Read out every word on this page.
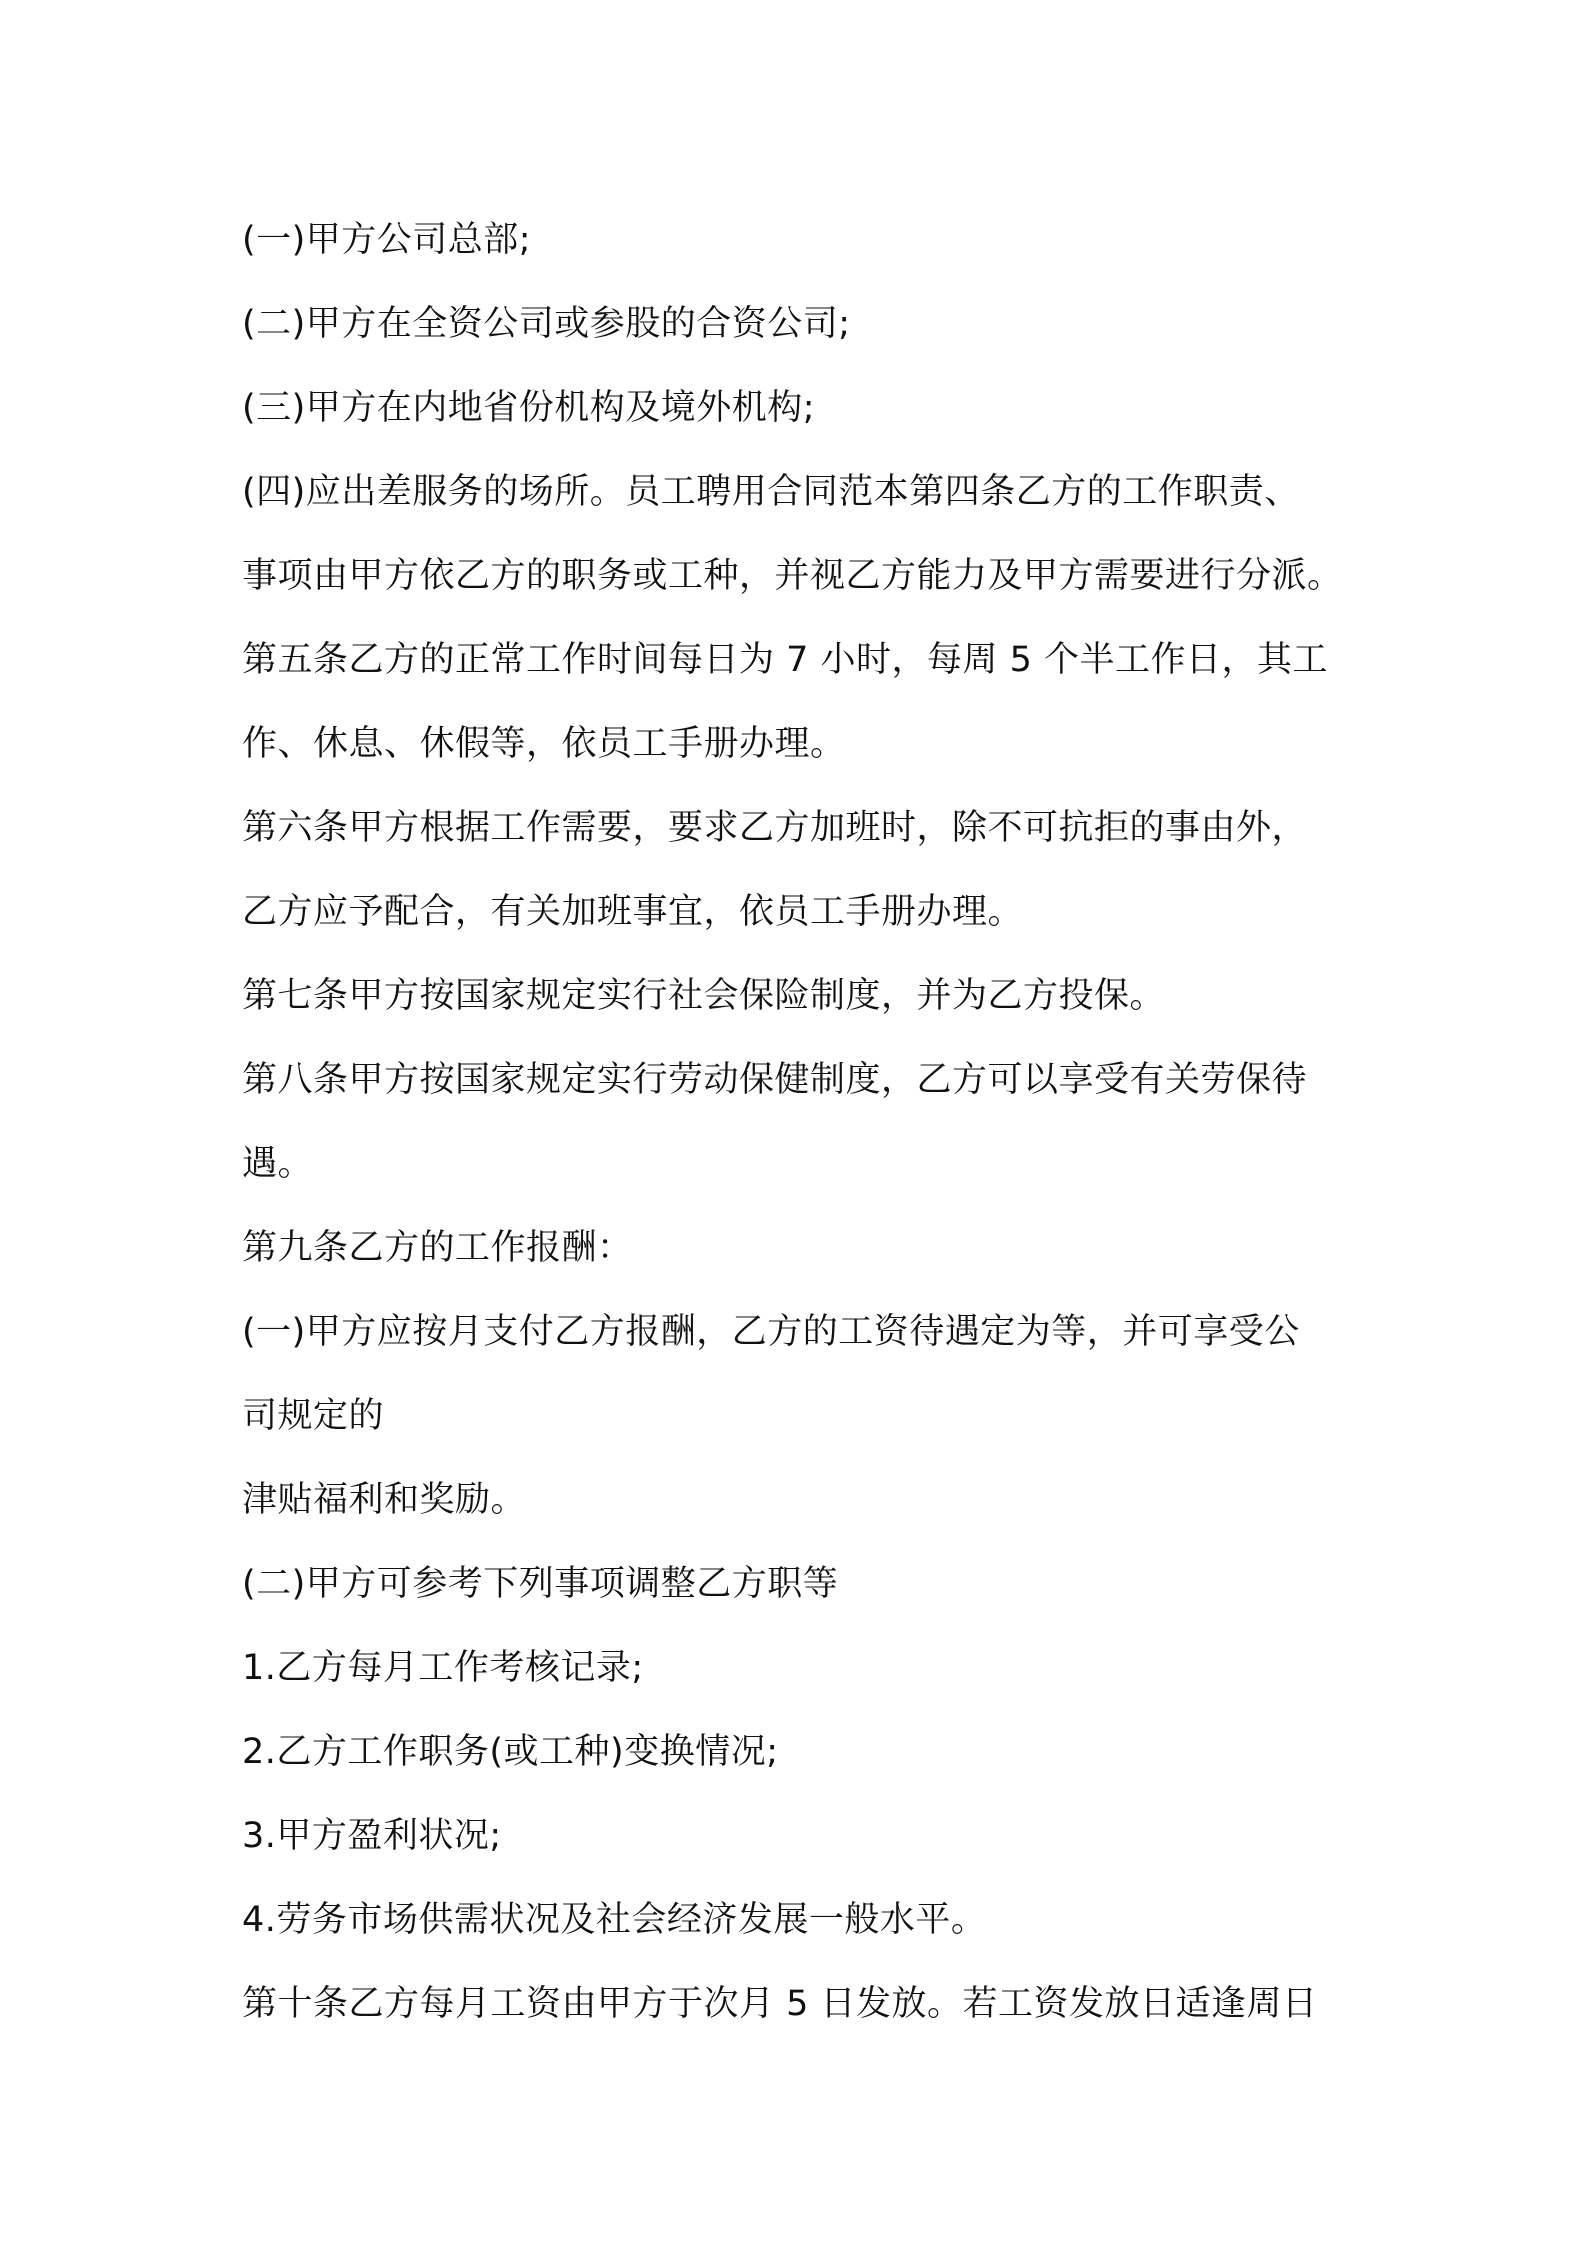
(一)甲方公司总部;
(二)甲方在全资公司或参股的合资公司;
(三)甲方在内地省份机构及境外机构;
(四)应出差服务的场所。员工聘用合同范本第四条乙方的工作职责、
事项由甲方依乙方的职务或工种，并视乙方能力及甲方需要进行分派。
第五条乙方的正常工作时间每日为 7 小时，每周 5 个半工作日，其工
作、休息、休假等，依员工手册办理。
第六条甲方根据工作需要，要求乙方加班时，除不可抗拒的事由外，
乙方应予配合，有关加班事宜，依员工手册办理。
第七条甲方按国家规定实行社会保险制度，并为乙方投保。
第八条甲方按国家规定实行劳动保健制度，乙方可以享受有关劳保待
遇。
第九条乙方的工作报酬：
(一)甲方应按月支付乙方报酬，乙方的工资待遇定为等，并可享受公
司规定的
津贴福利和奖励。
(二)甲方可参考下列事项调整乙方职等
1.乙方每月工作考核记录;
2.乙方工作职务(或工种)变换情况;
3.甲方盈利状况;
4.劳务市场供需状况及社会经济发展一般水平。
第十条乙方每月工资由甲方于次月 5 日发放。若工资发放日适逢周日
